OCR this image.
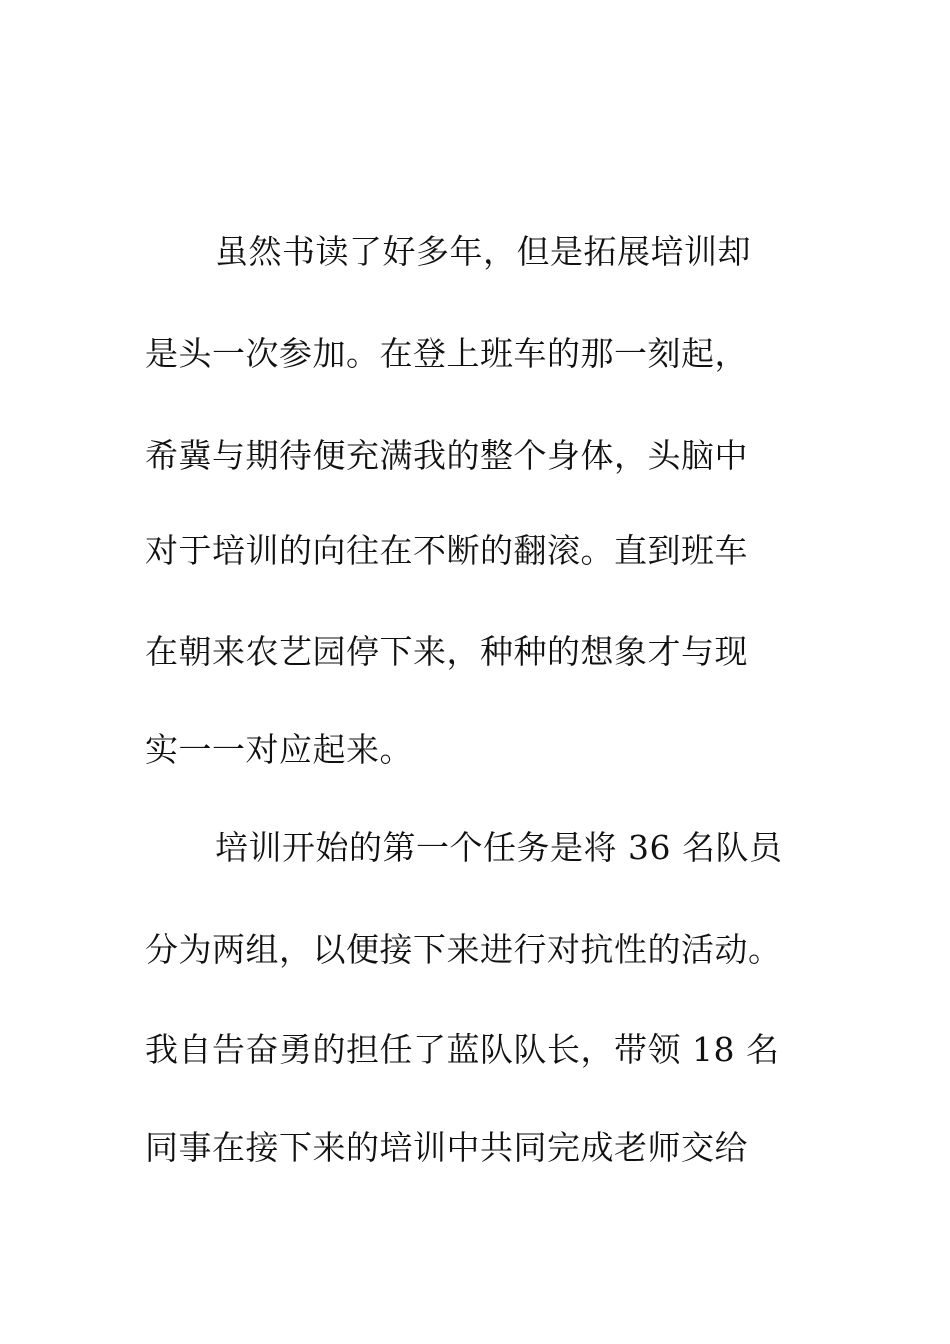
虽然书读了好多年，但是拓展培训却
是头一次参加。在登上班车的那一刻起，
希冀与期待便充满我的整个身体，头脑中
对于培训的向往在不断的翻滚。直到班车
在朝来农艺园停下来，种种的想象才与现
实一一对应起来。
培训开始的第一个任务是将 36 名队员
分为两组，以便接下来进行对抗性的活动。
我自告奋勇的担任了蓝队队长，带领 18 名
同事在接下来的培训中共同完成老师交给
